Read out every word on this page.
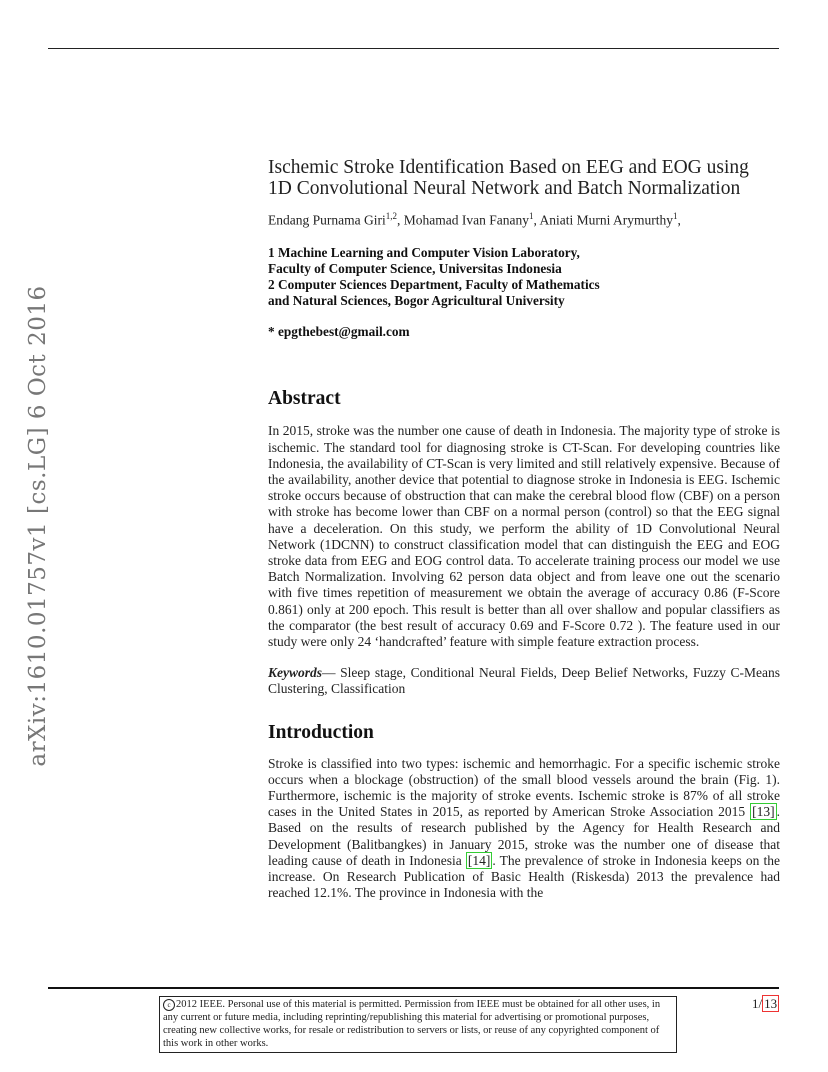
arXiv:1610.01757v1 [cs.LG] 6 Oct 2016
Ischemic Stroke Identification Based on EEG and EOG using
1D Convolutional Neural Network and Batch Normalization
Endang Purnama Giri$^{1,2}$, Mohamad Ivan Fanany$^1$, Aniati Murni Arymurthy$^1$,
1 Machine Learning and Computer Vision Laboratory,
Faculty of Computer Science, Universitas Indonesia
2 Computer Sciences Department, Faculty of Mathematics
and Natural Sciences, Bogor Agricultural University
* epgthebest@gmail.com
Abstract

In 2015, stroke was the number one cause of death in Indonesia. The majority type of stroke is ischemic. The standard tool for diagnosing stroke is CT-Scan. For developing countries like Indonesia, the availability of CT-Scan is very limited and still relatively expensive. Because of the availability, another device that potential to diagnose stroke in Indonesia is EEG. Ischemic stroke occurs because of obstruction that can make the cerebral blood flow (CBF) on a person with stroke has become lower than CBF on a normal person (control) so that the EEG signal have a deceleration. On this study, we perform the ability of 1D Convolutional Neural Network (1DCNN) to construct classification model that can distinguish the EEG and EOG stroke data from EEG and EOG control data. To accelerate training process our model we use Batch Normalization. Involving 62 person data object and from leave one out the scenario with five times repetition of measurement we obtain the average of accuracy 0.86 (F-Score 0.861) only at 200 epoch. This result is better than all over shallow and popular classifiers as the comparator (the best result of accuracy 0.69 and F-Score 0.72 ). The feature used in our study were only 24 ‘handcrafted’ feature with simple feature extraction process.

Keywords— Sleep stage, Conditional Neural Fields, Deep Belief Networks, Fuzzy C-Means Clustering, Classification

Introduction

Stroke is classified into two types: ischemic and hemorrhagic. For a specific ischemic stroke occurs when a blockage (obstruction) of the small blood vessels around the brain (Fig. 1). Furthermore, ischemic is the majority of stroke events. Ischemic stroke is 87% of all stroke cases in the United States in 2015, as reported by American Stroke Association 2015 [13] . Based on the results of research published by the Agency for Health Research and Development (Balitbangkes) in January 2015, stroke was the number one of disease that leading cause of death in Indonesia [14] . The prevalence of stroke in Indonesia keeps on the increase. On Research Publication of Basic Health (Riskesda) 2013 the prevalence had reached 12.1%. The province in Indonesia with the

c 2012 IEEE. Personal use of this material is permitted. Permission from IEEE must be obtained for all other uses, in any current or future media, including reprinting/republishing this material for advertising or promotional purposes, creating new collective works, for resale or redistribution to servers or lists, or reuse of any copyrighted component of this work in other works.
1/ 13
